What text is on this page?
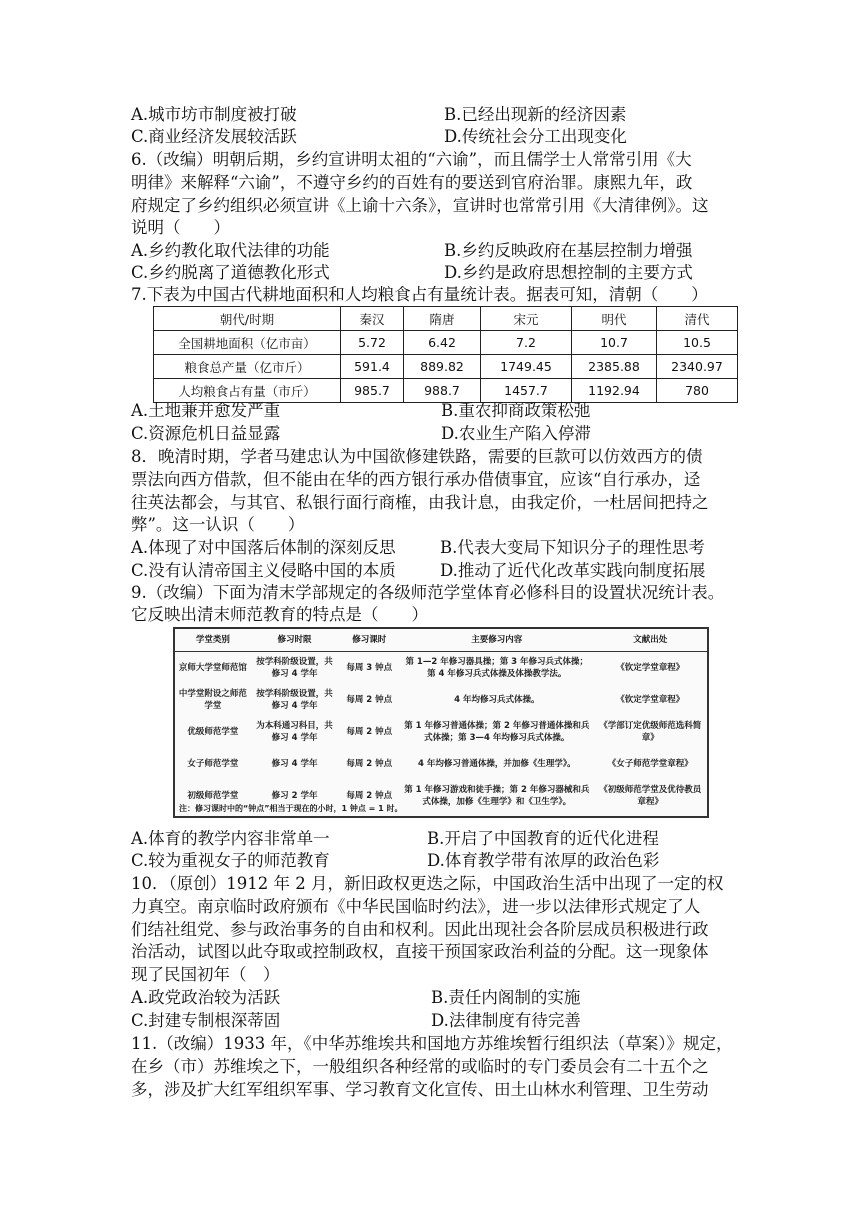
A.城市坊市制度被打破	B.已经出现新的经济因素
C.商业经济发展较活跃	D.传统社会分工出现变化
6.（改编）明朝后期，乡约宣讲明太祖的“六谕”，而且儒学士人常常引用《大
明律》来解释“六谕”，不遵守乡约的百姓有的要送到官府治罪。康熙九年，政
府规定了乡约组织必须宣讲《上谕十六条》，宣讲时也常常引用《大清律例》。这
说明（　　）
A.乡约教化取代法律的功能	B.乡约反映政府在基层控制力增强
C.乡约脱离了道德教化形式	D.乡约是政府思想控制的主要方式
7.下表为中国古代耕地面积和人均粮食占有量统计表。据表可知，清朝（　　）
朝代/时期	秦汉	隋唐	宋元	明代	清代
全国耕地面积（亿市亩）	5.72	6.42	7.2	10.7	10.5
粮食总产量（亿市斤）	591.4	889.82	1749.45	2385.88	2340.97
人均粮食占有量（市斤）	985.7	988.7	1457.7	1192.94	780
A.土地兼并愈发严重	B.重农抑商政策松弛
C.资源危机日益显露	D.农业生产陷入停滞
8．晚清时期，学者马建忠认为中国欲修建铁路，需要的巨款可以仿效西方的债
票法向西方借款，但不能由在华的西方银行承办借债事宜，应该“自行承办，迳
往英法都会，与其官、私银行面行商榷，由我计息，由我定价，一杜居间把持之
弊”。这一认识（　　）
A.体现了对中国落后体制的深刻反思	B.代表大变局下知识分子的理性思考
C.没有认清帝国主义侵略中国的本质	D.推动了近代化改革实践向制度拓展
9.（改编）下面为清末学部规定的各级师范学堂体育必修科目的设置状况统计表。
它反映出清末师范教育的特点是（　　）
学堂类别	修习时限	修习课时	主要修习内容	文献出处
京师大学堂师范馆	按学科阶级设置，共修习 4 学年	每周 3 钟点	第 1—2 年修习器具操；第 3 年修习兵式体操；第 4 年修习兵式体操及体操教学法。	《钦定学堂章程》
中学堂附设之师范学堂	按学科阶级设置，共修习 4 学年	每周 2 钟点	4 年均修习兵式体操。	《钦定学堂章程》
优级师范学堂	为本科通习科目，共修习 4 学年	每周 2 钟点	第 1 年修习普通体操；第 2 年修习普通体操和兵式体操；第 3—4 年均修习兵式体操。	《学部订定优级师范选科简章》
女子师范学堂	修习 4 学年	每周 2 钟点	4 年均修习普通体操，并加修《生理学》。	《女子师范学堂章程》
初级师范学堂	修习 2 学年	每周 2 钟点	第 1 年修习游戏和徒手操；第 2 年修习器械和兵式体操，加修《生理学》和《卫生学》。	《初级师范学堂及优待教员章程》
注：修习课时中的“钟点”相当于现在的小时，1 钟点 = 1 时。
A.体育的教学内容非常单一	B.开启了中国教育的近代化进程
C.较为重视女子的师范教育	D.体育教学带有浓厚的政治色彩
10．（原创）1912 年 2 月，新旧政权更迭之际，中国政治生活中出现了一定的权
力真空。南京临时政府颁布《中华民国临时约法》，进一步以法律形式规定了人
们结社组党、参与政治事务的自由和权利。因此出现社会各阶层成员积极进行政
治活动，试图以此夺取或控制政权，直接干预国家政治利益的分配。这一现象体
现了民国初年（　）
A.政党政治较为活跃	B.责任内阁制的实施
C.封建专制根深蒂固	D.法律制度有待完善
11.（改编）1933 年，《中华苏维埃共和国地方苏维埃暂行组织法（草案）》规定，
在乡（市）苏维埃之下，一般组织各种经常的或临时的专门委员会有二十五个之
多，涉及扩大红军组织军事、学习教育文化宣传、田土山林水利管理、卫生劳动
